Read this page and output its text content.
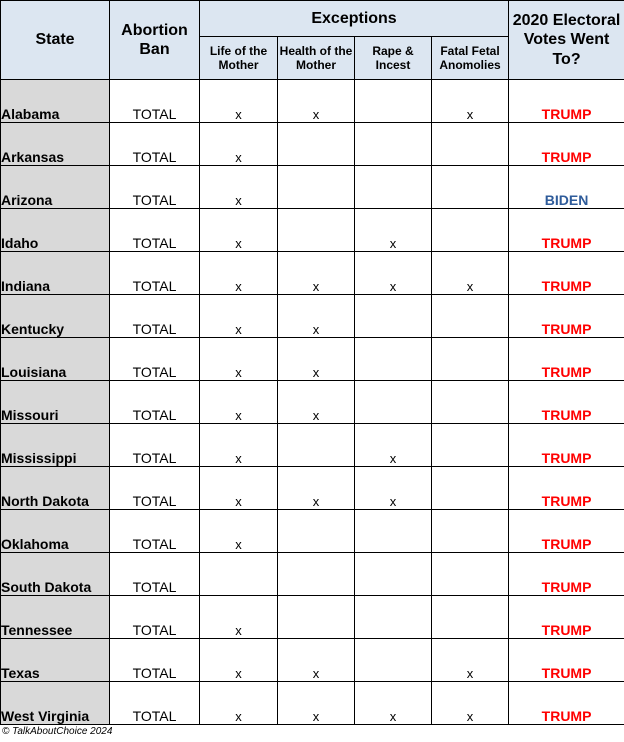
State	Abortion Ban	Exceptions				2020 Electoral Votes Went To?
		Life of the Mother	Health of the Mother	Rape & Incest	Fatal Fetal Anomolies	
Alabama	TOTAL	x	x		x	TRUMP
Arkansas	TOTAL	x				TRUMP
Arizona	TOTAL	x				BIDEN
Idaho	TOTAL	x		x		TRUMP
Indiana	TOTAL	x	x	x	x	TRUMP
Kentucky	TOTAL	x	x			TRUMP
Louisiana	TOTAL	x	x			TRUMP
Missouri	TOTAL	x	x			TRUMP
Mississippi	TOTAL	x		x		TRUMP
North Dakota	TOTAL	x	x	x		TRUMP
Oklahoma	TOTAL	x				TRUMP
South Dakota	TOTAL					TRUMP
Tennessee	TOTAL	x				TRUMP
Texas	TOTAL	x	x		x	TRUMP
West Virginia	TOTAL	x	x	x	x	TRUMP
© TalkAboutChoice 2024
